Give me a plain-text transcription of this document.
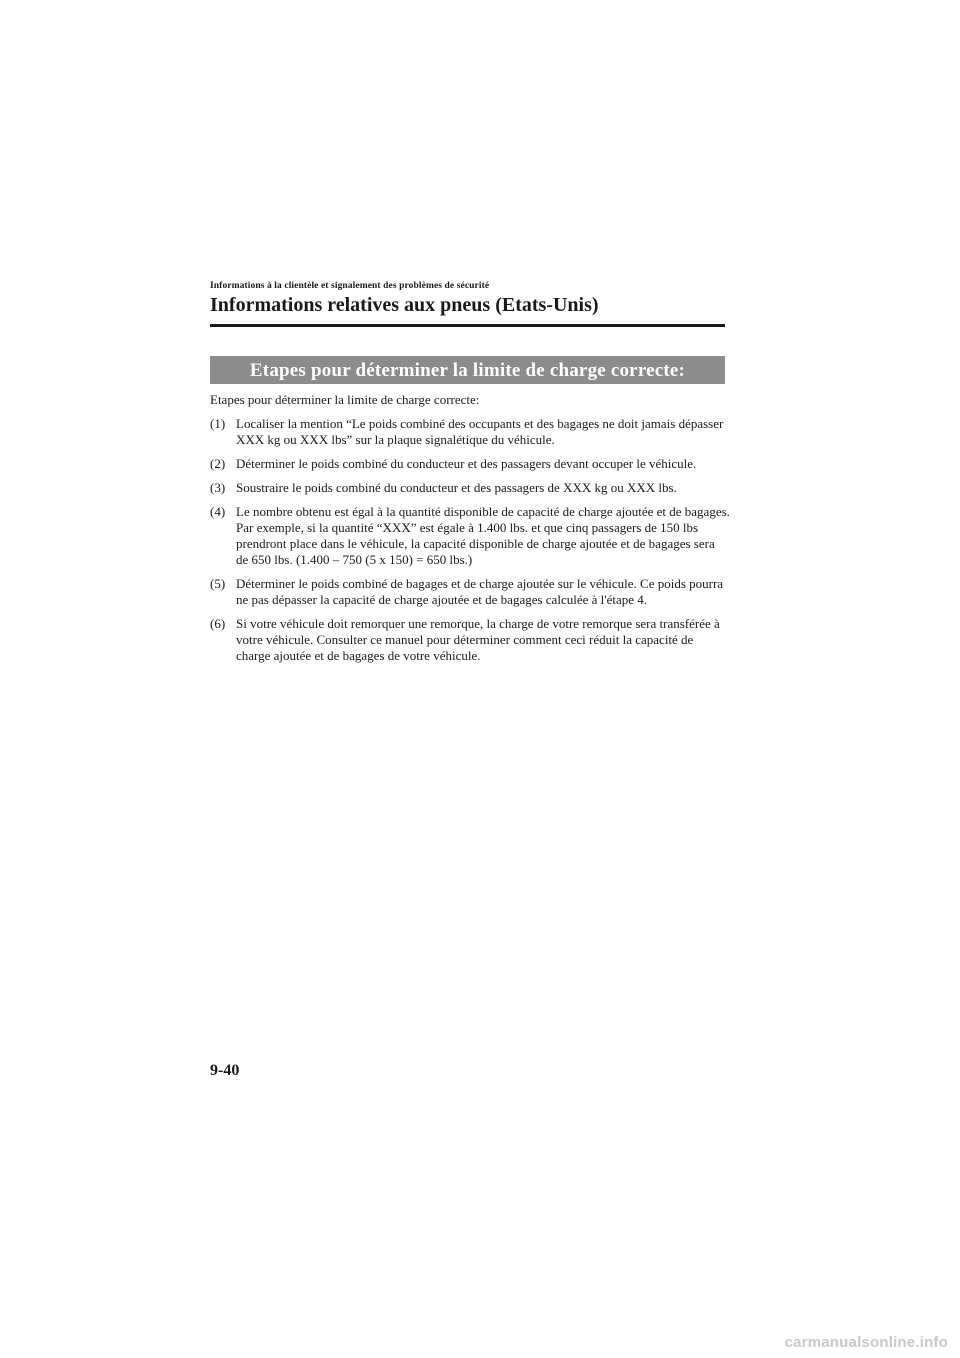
Informations à la clientèle et signalement des problèmes de sécurité
Informations relatives aux pneus (Etats-Unis)
Etapes pour déterminer la limite de charge correcte:

Etapes pour déterminer la limite de charge correcte:

(1) Localiser la mention “Le poids combiné des occupants et des bagages ne doit jamais dépasser XXX kg ou XXX lbs” sur la plaque signalétique du véhicule.
(2) Déterminer le poids combiné du conducteur et des passagers devant occuper le véhicule.
(3) Soustraire le poids combiné du conducteur et des passagers de XXX kg ou XXX lbs.
(4) Le nombre obtenu est égal à la quantité disponible de capacité de charge ajoutée et de bagages. Par exemple, si la quantité “XXX” est égale à 1.400 lbs. et que cinq passagers de 150 lbs prendront place dans le véhicule, la capacité disponible de charge ajoutée et de bagages sera de 650 lbs. (1.400 – 750 (5 x 150) = 650 lbs.)
(5) Déterminer le poids combiné de bagages et de charge ajoutée sur le véhicule. Ce poids pourra ne pas dépasser la capacité de charge ajoutée et de bagages calculée à l'étape 4.
(6) Si votre véhicule doit remorquer une remorque, la charge de votre remorque sera transférée à votre véhicule. Consulter ce manuel pour déterminer comment ceci réduit la capacité de charge ajoutée et de bagages de votre véhicule.
9-40
carmanualsonline.info
